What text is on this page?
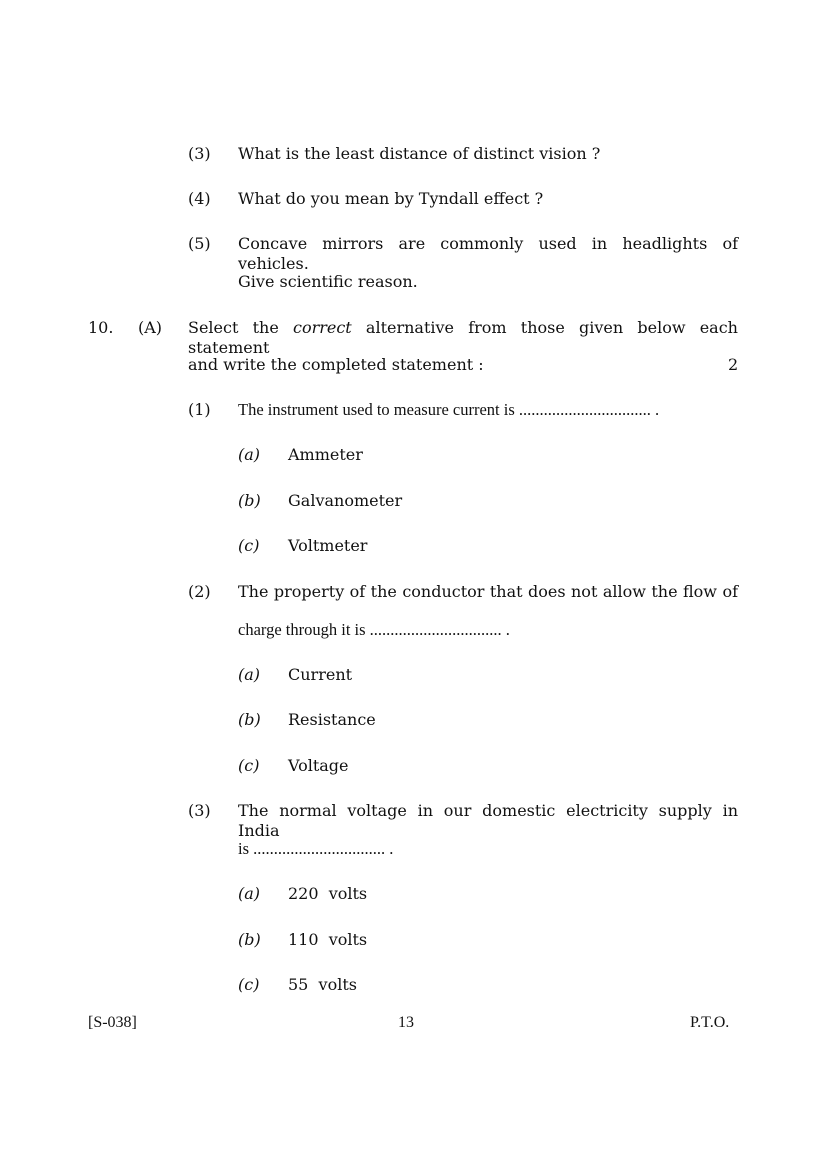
(3) What is the least distance of distinct vision ?
(4) What do you mean by Tyndall effect ?
(5) Concave mirrors are commonly used in headlights of vehicles.
Give scientific reason.
10. (A) Select the correct alternative from those given below each statement
and write the completed statement :	2
(1) The instrument used to measure current is ................................ .
(a) Ammeter
(b) Galvanometer
(c) Voltmeter
(2) The property of the conductor that does not allow the flow of
charge through it is ................................ .
(a) Current
(b) Resistance
(c) Voltage
(3) The normal voltage in our domestic electricity supply in India
is ................................ .
(a) 220  volts
(b) 110  volts
(c) 55  volts
[S-038]	13	P.T.O.
